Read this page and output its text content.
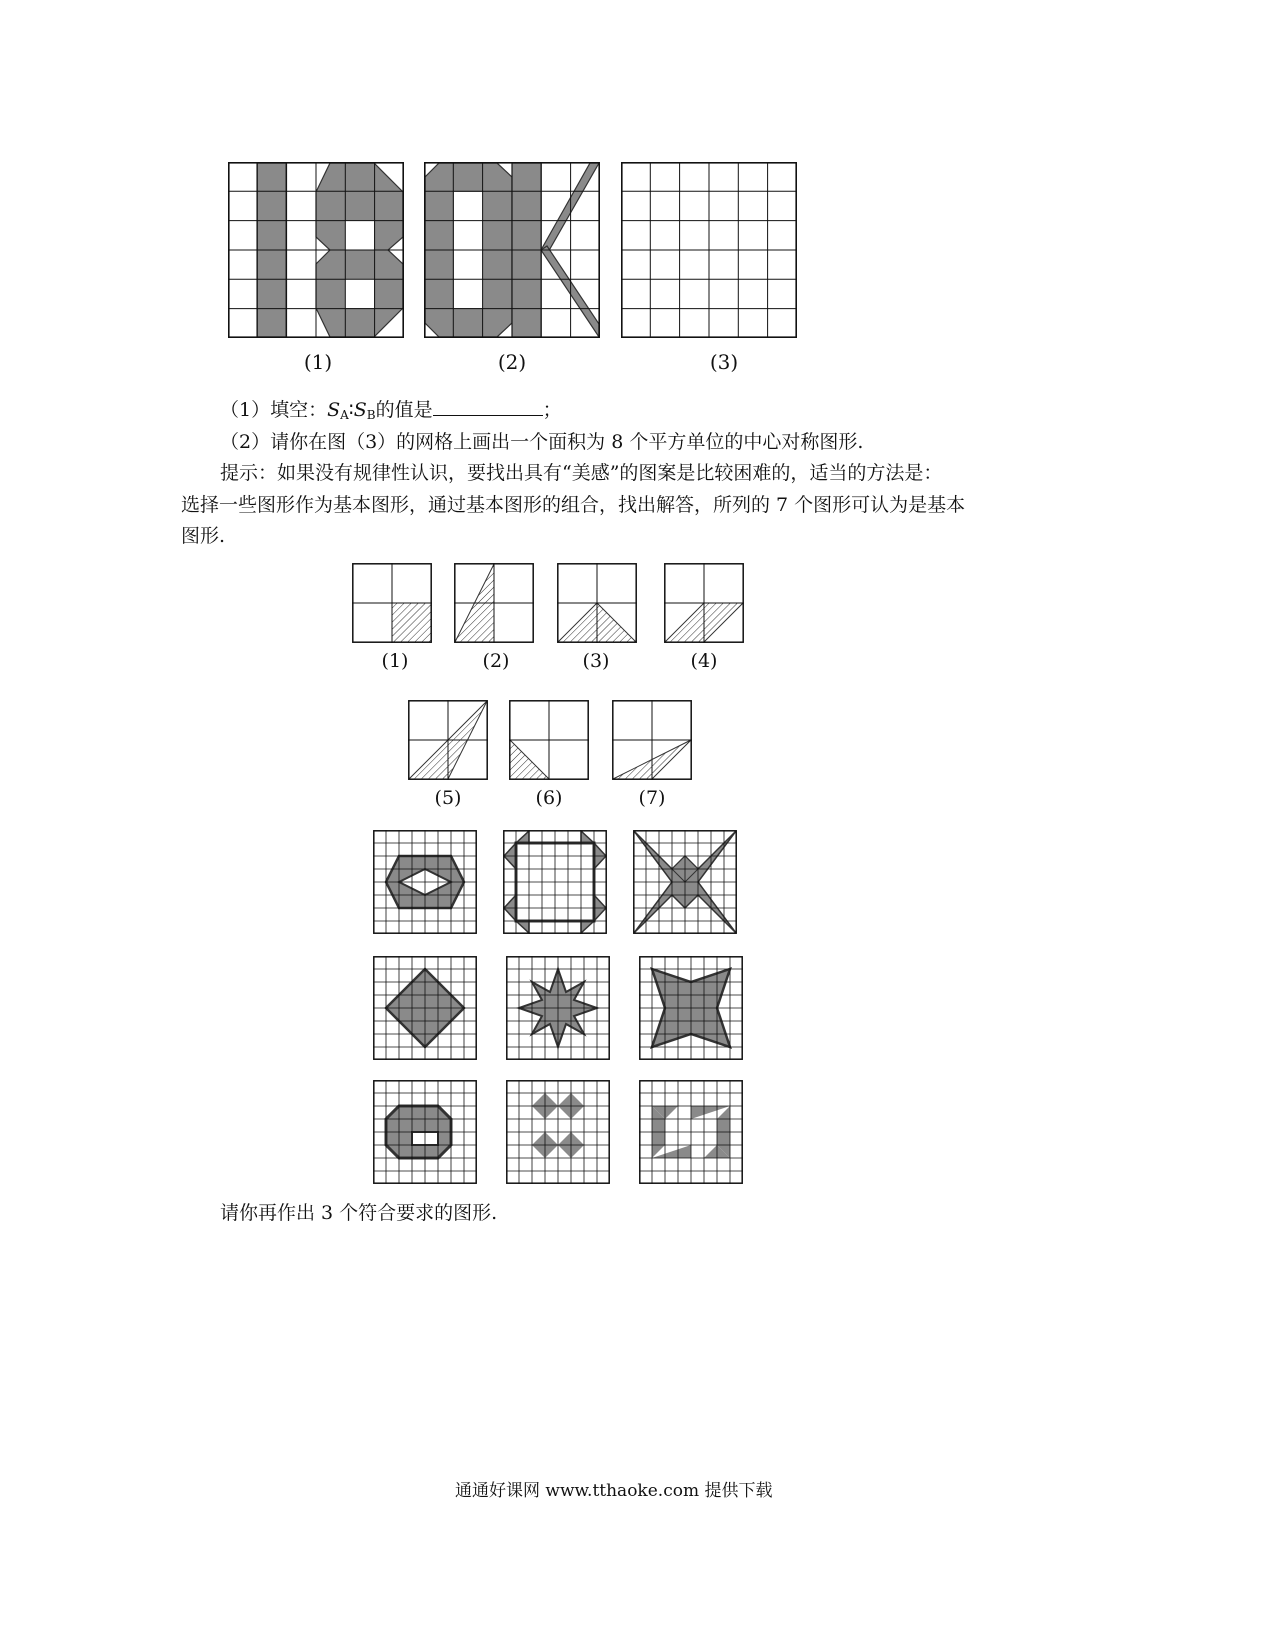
(1)	(2)	(3)
（1）填空：$S_A∶S_B$的值是	；
（2）请你在图（3）的网格上画出一个面积为 8 个平方单位的中心对称图形.
提示：如果没有规律性认识，要找出具有“美感”的图案是比较困难的，适当的方法是：
选择一些图形作为基本图形，通过基本图形的组合，找出解答，所列的 7 个图形可认为是基本
图形.
(1)	(2)	(3)	(4)
(5)	(6)	(7)
请你再作出 3 个符合要求的图形.
通通好课网 www.tthaoke.com 提供下载
